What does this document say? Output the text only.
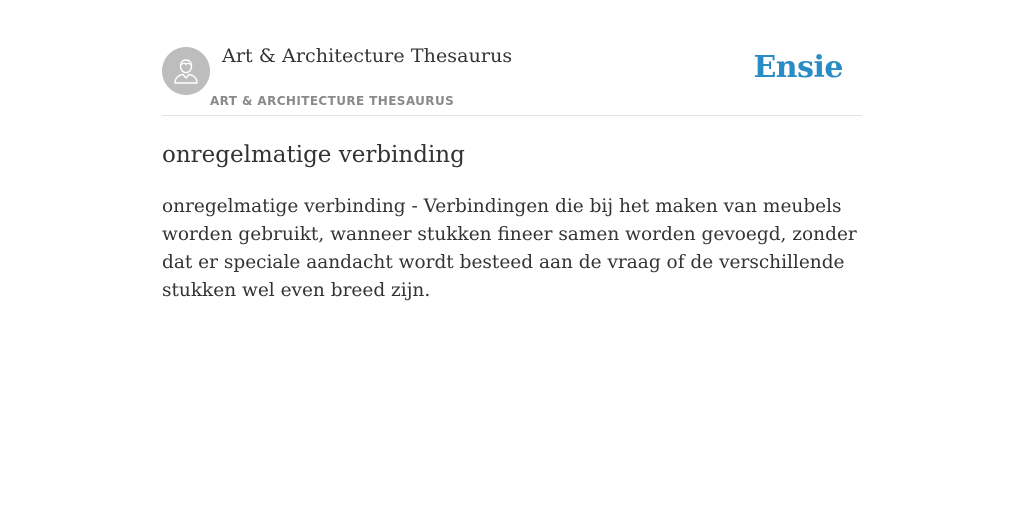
Art & Architecture Thesaurus
ART & ARCHITECTURE THESAURUS
Ensie
onregelmatige verbinding

onregelmatige verbinding - Verbindingen die bij het maken van meubels worden gebruikt, wanneer stukken fineer samen worden gevoegd, zonder dat er speciale aandacht wordt besteed aan de vraag of de verschillende stukken wel even breed zijn.
